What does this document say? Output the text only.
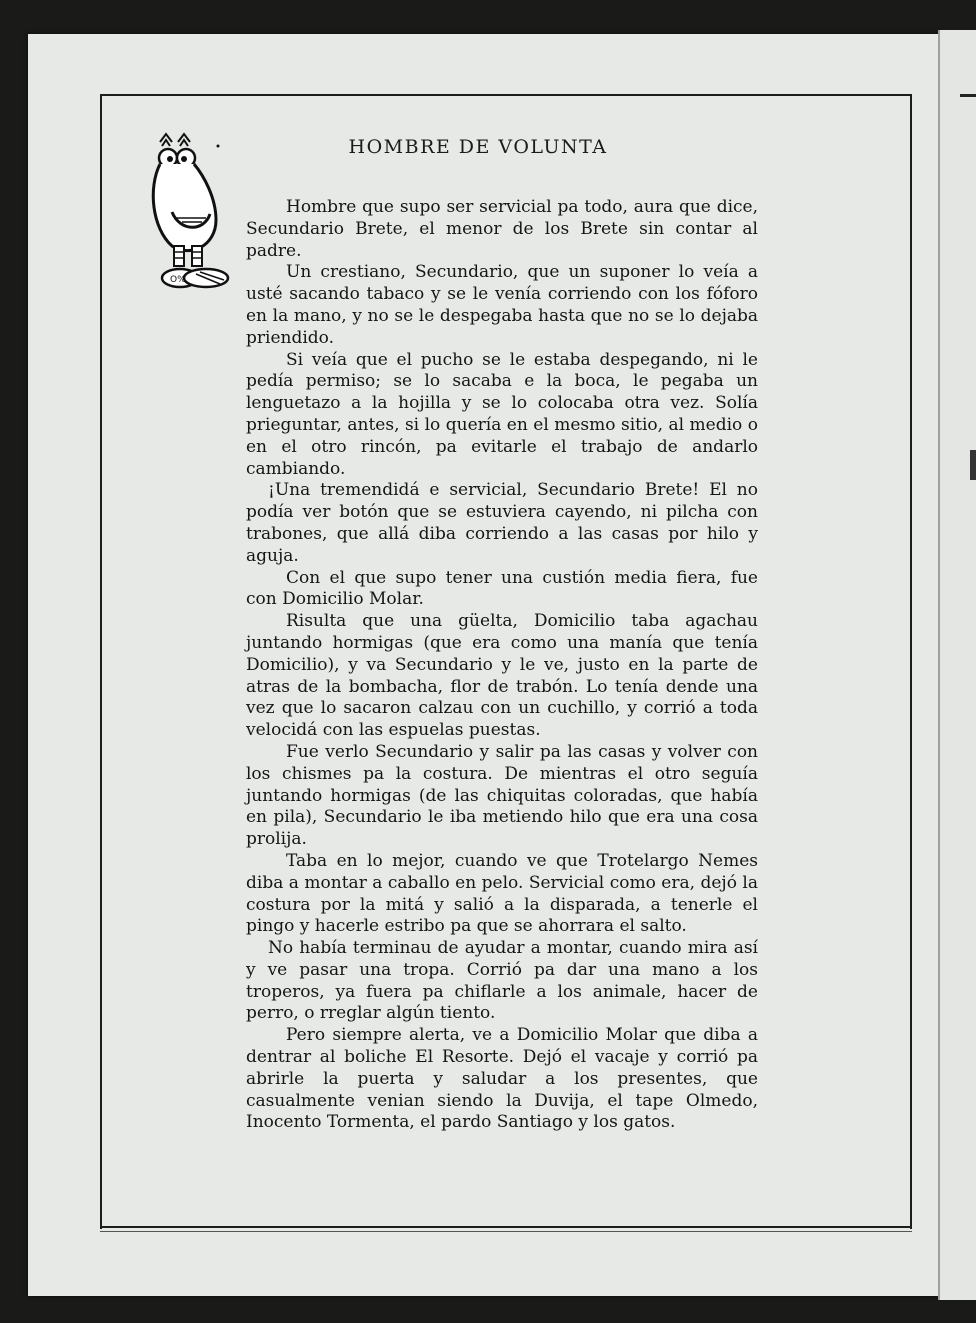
O%
HOMBRE DE VOLUNTA

Hombre que supo ser servicial pa todo, aura que dice, Secundario Brete, el menor de los Brete sin contar al padre.

Un crestiano, Secundario, que un suponer lo veía a usté sacando tabaco y se le venía corriendo con los fóforo en la mano, y no se le despegaba hasta que no se lo dejaba priendido.

Si veía que el pucho se le estaba despegando, ni le pedía permiso; se lo sacaba e la boca, le pegaba un lenguetazo a la hojilla y se lo colocaba otra vez. Solía prieguntar, antes, si lo quería en el mesmo sitio, al medio o en el otro rincón, pa evitarle el trabajo de andarlo cambiando.

¡Una tremendidá e servicial, Secundario Brete! El no podía ver botón que se estuviera cayendo, ni pilcha con trabones, que allá diba corriendo a las casas por hilo y aguja.

Con el que supo tener una custión media fiera, fue con Domicilio Molar.

Risulta que una güelta, Domicilio taba agachau juntando hormigas (que era como una manía que tenía Domicilio), y va Secundario y le ve, justo en la parte de atras de la bombacha, flor de trabón. Lo tenía dende una vez que lo sacaron calzau con un cuchillo, y corrió a toda velocidá con las espuelas puestas.

Fue verlo Secundario y salir pa las casas y volver con los chismes pa la costura. De mientras el otro seguía juntando hormigas (de las chiquitas coloradas, que había en pila), Secundario le iba metiendo hilo que era una cosa prolija.

Taba en lo mejor, cuando ve que Trotelargo Nemes diba a montar a caballo en pelo. Servicial como era, dejó la costura por la mitá y salió a la disparada, a tenerle el pingo y hacerle estribo pa que se ahorrara el salto.

No había terminau de ayudar a montar, cuando mira así y ve pasar una tropa. Corrió pa dar una mano a los troperos, ya fuera pa chiflarle a los animale, hacer de perro, o rreglar algún tiento.

Pero siempre alerta, ve a Domicilio Molar que diba a dentrar al boliche El Resorte. Dejó el vacaje y corrió pa abrirle la puerta y saludar a los presentes, que casualmente venian siendo la Duvija, el tape Olmedo, Inocento Tormenta, el pardo Santiago y los gatos.
